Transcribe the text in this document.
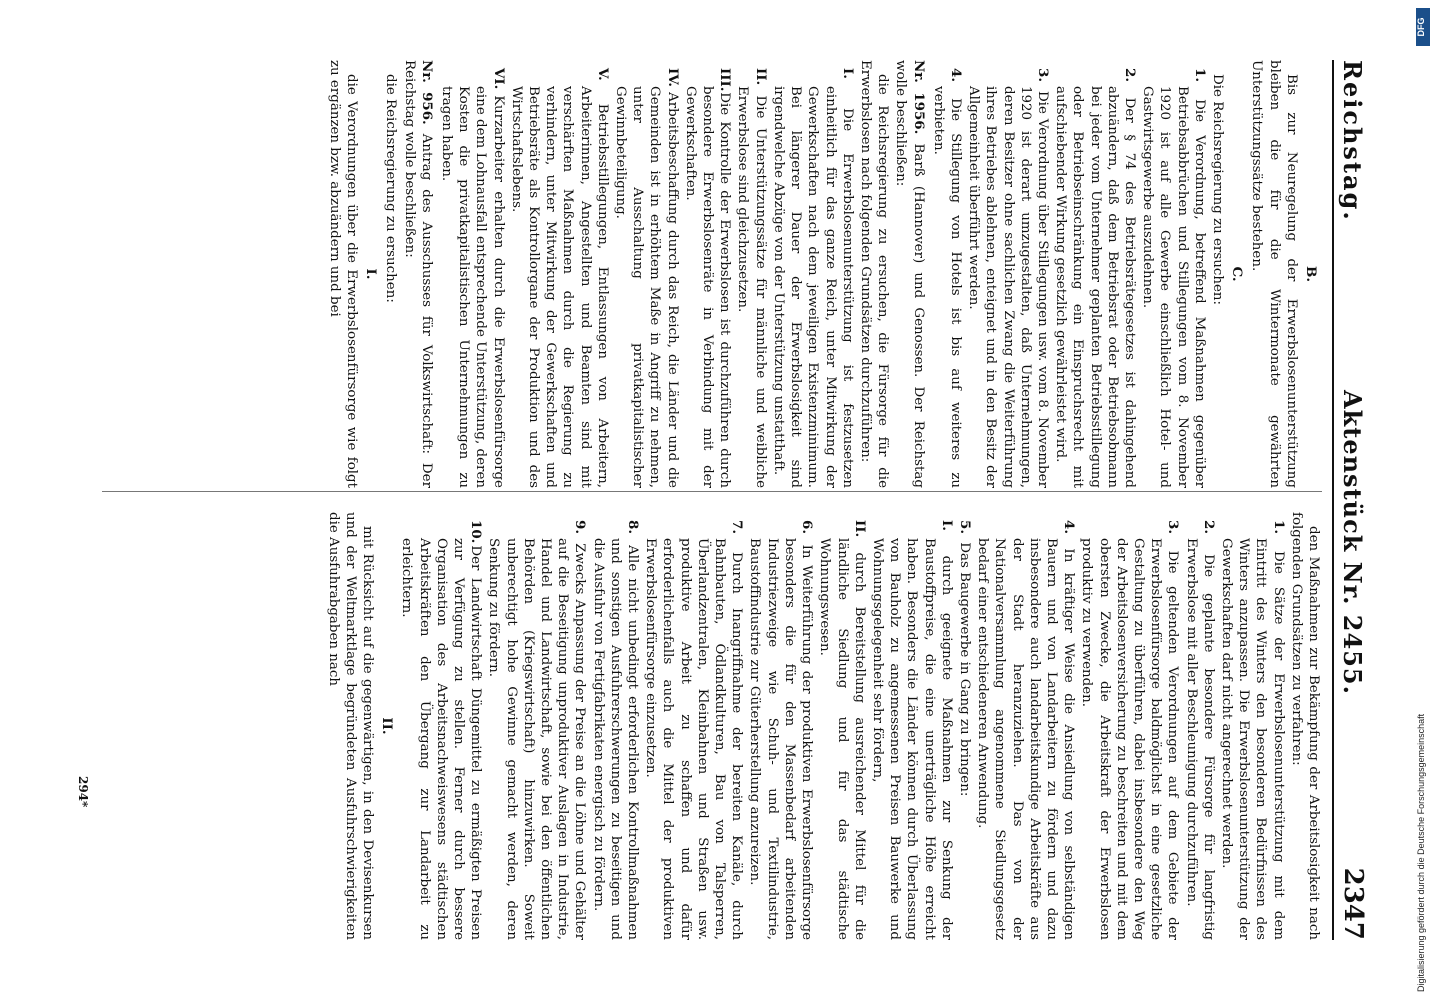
Reichstag.
Aktenstück Nr. 2455.
2347
B.
Bis zur Neuregelung der Erwerbslosenunterstützung bleiben die für die Wintermonate gewährten Unterstützungssätze bestehen.
C.
Die Reichsregierung zu ersuchen:
1. Die Verordnung, betreffend Maßnahmen gegenüber Betriebsabbrüchen und Stillegungen vom 8. November 1920 ist auf alle Gewerbe einschließlich Hotel- und Gastwirtsgewerbe auszudehnen.
2. Der § 74 des Betriebsrätegesetzes ist dahingehend abzuändern, daß dem Betriebsrat oder Betriebsobmann bei jeder vom Unternehmer geplanten Betriebsstillegung oder Betriebseinschränkung ein Einspruchsrecht mit aufschiebender Wirkung gesetzlich gewährleistet wird.
3. Die Verordnung über Stillegungen usw. vom 8. November 1920 ist derart umzugestalten, daß Unternehmungen, deren Besitzer ohne sachlichen Zwang die Weiterführung ihres Betriebes ablehnen, enteignet und in den Besitz der Allgemeinheit überführt werden.
4. Die Stillegung von Hotels ist bis auf weiteres zu verbieten.
Nr. 1956. Barß (Hannover) und Genossen. Der Reichstag wolle beschließen:
die Reichsregierung zu ersuchen, die Fürsorge für die Erwerbslosen nach folgenden Grundsätzen durchzuführen:
I. Die Erwerbslosenunterstützung ist festzusetzen einheitlich für das ganze Reich, unter Mitwirkung der Gewerkschaften nach dem jeweiligen Existenzminimum. Bei längerer Dauer der Erwerbslosigkeit sind irgendwelche Abzüge von der Unterstützung unstatthaft.
II. Die Unterstützungssätze für männliche und weibliche Erwerbslose sind gleichzusetzen.
III. Die Kontrolle der Erwerbslosen ist durchzuführen durch besondere Erwerbslosenräte in Verbindung mit der Gewerkschaften.
IV. Arbeitsbeschaffung durch das Reich, die Länder und die Gemeinden ist in erhöhtem Maße in Angriff zu nehmen, unter Ausschaltung privatkapitalistischer Gewinnbeteiligung.
V. Betriebsstillegungen, Entlassungen von Arbeitern, Arbeiterinnen, Angestellten und Beamten sind mit verschärften Maßnahmen durch die Regierung zu verhindern, unter Mitwirkung der Gewerkschaften und Betriebsräte als Kontrollorgane der Produktion und des Wirtschaftslebens.
VI. Kurzarbeiter erhalten durch die Erwerbslosenfürsorge eine dem Lohnausfall entsprechende Unterstützung, deren Kosten die privatkapitalistischen Unternehmungen zu tragen haben.
Nr. 956. Antrag des Ausschusses für Volkswirtschaft: Der Reichstag wolle beschließen:
die Reichsregierung zu ersuchen:
I.
die Verordnungen über die Erwerbslosenfürsorge wie folgt zu ergänzen bzw. abzuändern und bei
den Maßnahmen zur Bekämpfung der Arbeitslosigkeit nach folgenden Grundsätzen zu verfahren:
1. Die Sätze der Erwerbslosenunterstützung mit dem Eintritt des Winters den besonderen Bedürfnissen des Winters anzupassen. Die Erwerbslosenunterstützung der Gewerkschaften darf nicht angerechnet werden.
2. Die geplante besondere Fürsorge für langfristig Erwerbslose mit aller Beschleunigung durchzuführen.
3. Die geltenden Verordnungen auf dem Gebiete der Erwerbslosenfürsorge baldmöglichst in eine gesetzliche Gestaltung zu überführen, dabei insbesondere den Weg der Arbeitslosenversicherung zu beschreiten und mit dem obersten Zwecke, die Arbeitskraft der Erwerbslosen produktiv zu verwenden.
4. In kräftiger Weise die Ansiedlung von selbständigen Bauern und von Landarbeitern zu fördern und dazu insbesondere auch landarbeitskundige Arbeitskräfte aus der Stadt heranzuziehen. Das von der Nationalversammlung angenommene Siedlungsgesetz bedarf einer entschiedeneren Anwendung.
5. Das Baugewerbe in Gang zu bringen:
I. durch geeignete Maßnahmen zur Senkung der Baustoffpreise, die eine unerträgliche Höhe erreicht haben. Besonders die Länder können durch Überlassung von Bauholz zu angemessenen Preisen Bauwerke und Wohnungsgelegenheit sehr fördern,
II. durch Bereitstellung ausreichender Mittel für die ländliche Siedlung und für das städtische Wohnungswesen.
6. In Weiterführung der produktiven Erwerbslosenfürsorge besonders die für den Massenbedarf arbeitenden Industriezweige wie Schuh- und Textilindustrie, Baustoffindustrie zur Güterherstellung anzureizen.
7. Durch Inangriffnahme der bereiten Kanäle, durch Bahnbauten, Ödlandkulturen, Bau von Talsperren, Überlandzentralen, Kleinbahnen und Straßen usw. produktive Arbeit zu schaffen und dafür erforderlichenfalls auch die Mittel der produktiven Erwerbslosenfürsorge einzusetzen.
8. Alle nicht unbedingt erforderlichen Kontrollmaßnahmen und sonstigen Ausfuhrerschwerungen zu beseitigen und die Ausfuhr von Fertigfabrikaten energisch zu fördern.
9. Zwecks Anpassung der Preise an die Löhne und Gehälter auf die Beseitigung unproduktiver Auslagen in Industrie, Handel und Landwirtschaft, sowie bei den öffentlichen Behörden (Kriegswirtschaft) hinzuwirken. Soweit unberechtigt hohe Gewinne gemacht werden, deren Senkung zu fördern.
10. Der Landwirtschaft Düngemittel zu ermäßigten Preisen zur Verfügung zu stellen. Ferner durch bessere Organisation des Arbeitsnachweiswesens städtischen Arbeitskräften den Übergang zur Landarbeit zu erleichtern.
II.
mit Rücksicht auf die gegenwärtigen, in den Devisenkursen und der Weltmarktlage begründeten Ausfuhrschwierigkeiten die Ausfuhrabgaben nach
294*	Digitalisierung gefördert durch die Deutsche Forschungsgemeinschaft
DFG
